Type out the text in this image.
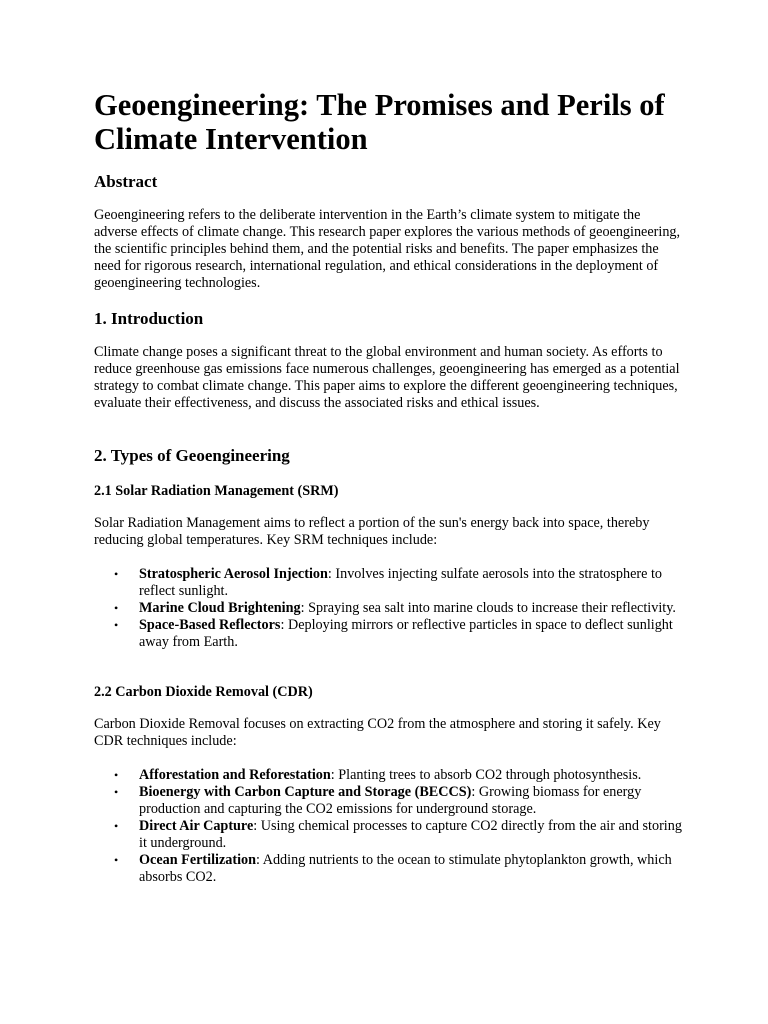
Geoengineering: The Promises and Perils of Climate Intervention
Abstract

Geoengineering refers to the deliberate intervention in the Earth’s climate system to mitigate the adverse effects of climate change. This research paper explores the various methods of geoengineering, the scientific principles behind them, and the potential risks and benefits. The paper emphasizes the need for rigorous research, international regulation, and ethical considerations in the deployment of geoengineering technologies.

1. Introduction

Climate change poses a significant threat to the global environment and human society. As efforts to reduce greenhouse gas emissions face numerous challenges, geoengineering has emerged as a potential strategy to combat climate change. This paper aims to explore the different geoengineering techniques, evaluate their effectiveness, and discuss the associated risks and ethical issues.

2. Types of Geoengineering
2.1 Solar Radiation Management (SRM)

Solar Radiation Management aims to reflect a portion of the sun's energy back into space, thereby reducing global temperatures. Key SRM techniques include:

• Stratospheric Aerosol Injection: Involves injecting sulfate aerosols into the stratosphere to reflect sunlight.
• Marine Cloud Brightening: Spraying sea salt into marine clouds to increase their reflectivity.
• Space-Based Reflectors: Deploying mirrors or reflective particles in space to deflect sunlight away from Earth.
2.2 Carbon Dioxide Removal (CDR)

Carbon Dioxide Removal focuses on extracting CO2 from the atmosphere and storing it safely. Key CDR techniques include:

• Afforestation and Reforestation: Planting trees to absorb CO2 through photosynthesis.
• Bioenergy with Carbon Capture and Storage (BECCS): Growing biomass for energy production and capturing the CO2 emissions for underground storage.
• Direct Air Capture: Using chemical processes to capture CO2 directly from the air and storing it underground.
• Ocean Fertilization: Adding nutrients to the ocean to stimulate phytoplankton growth, which absorbs CO2.
